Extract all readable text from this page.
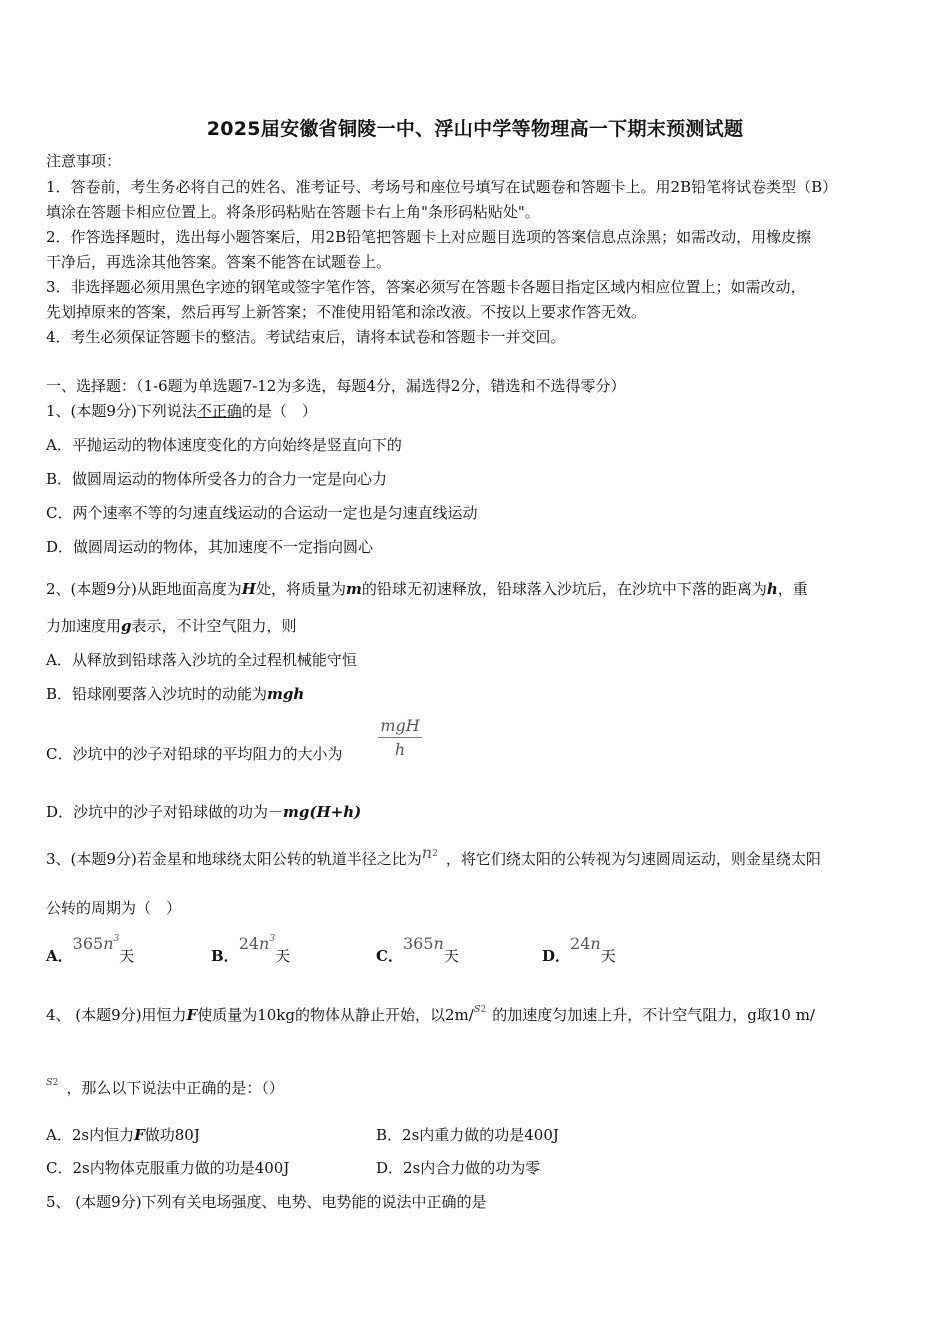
2025届安徽省铜陵一中、浮山中学等物理高一下期末预测试题
注意事项：
1．答卷前，考生务必将自己的姓名、准考证号、考场号和座位号填写在试题卷和答题卡上。用2B铅笔将试卷类型（B）
填涂在答题卡相应位置上。将条形码粘贴在答题卡右上角"条形码粘贴处"。
2．作答选择题时，选出每小题答案后，用2B铅笔把答题卡上对应题目选项的答案信息点涂黑；如需改动，用橡皮擦
干净后，再选涂其他答案。答案不能答在试题卷上。
3．非选择题必须用黑色字迹的钢笔或签字笔作答，答案必须写在答题卡各题目指定区域内相应位置上；如需改动，
先划掉原来的答案，然后再写上新答案；不准使用铅笔和涂改液。不按以上要求作答无效。
4．考生必须保证答题卡的整洁。考试结束后，请将本试卷和答题卡一并交回。
一、选择题：（1-6题为单选题7-12为多选，每题4分，漏选得2分，错选和不选得零分）
1、(本题9分)下列说法不正确的是（　）
A．平抛运动的物体速度变化的方向始终是竖直向下的
B．做圆周运动的物体所受各力的合力一定是向心力
C．两个速率不等的匀速直线运动的合运动一定也是匀速直线运动
D．做圆周运动的物体，其加速度不一定指向圆心
2、(本题9分)从距地面高度为H处，将质量为m的铅球无初速释放，铅球落入沙坑后，在沙坑中下落的距离为h，重
力加速度用g表示，不计空气阻力，则
A．从释放到铅球落入沙坑的全过程机械能守恒
B．铅球刚要落入沙坑时的动能为mgh
C．沙坑中的沙子对铅球的平均阻力的大小为
mgH
h
D．沙坑中的沙子对铅球做的功为－mg(H+h)
3、(本题9分)若金星和地球绕太阳公转的轨道半径之比为$n^2$ ，将它们绕太阳的公转视为匀速圆周运动，则金星绕太阳
公转的周期为（　）
A．$365n^3$天	B．$24n^3$天	C．365n天	D．24n天
4、 (本题9分)用恒力F使质量为10kg的物体从静止开始，以$2m/s^2$ 的加速度匀加速上升，不计空气阻力，g取10 m/
$s^2$ ，那么以下说法中正确的是：（）
A．2s内恒力F做功80J	B．2s内重力做的功是400J
C．2s内物体克服重力做的功是400J	D．2s内合力做的功为零
5、 (本题9分)下列有关电场强度、电势、电势能的说法中正确的是
